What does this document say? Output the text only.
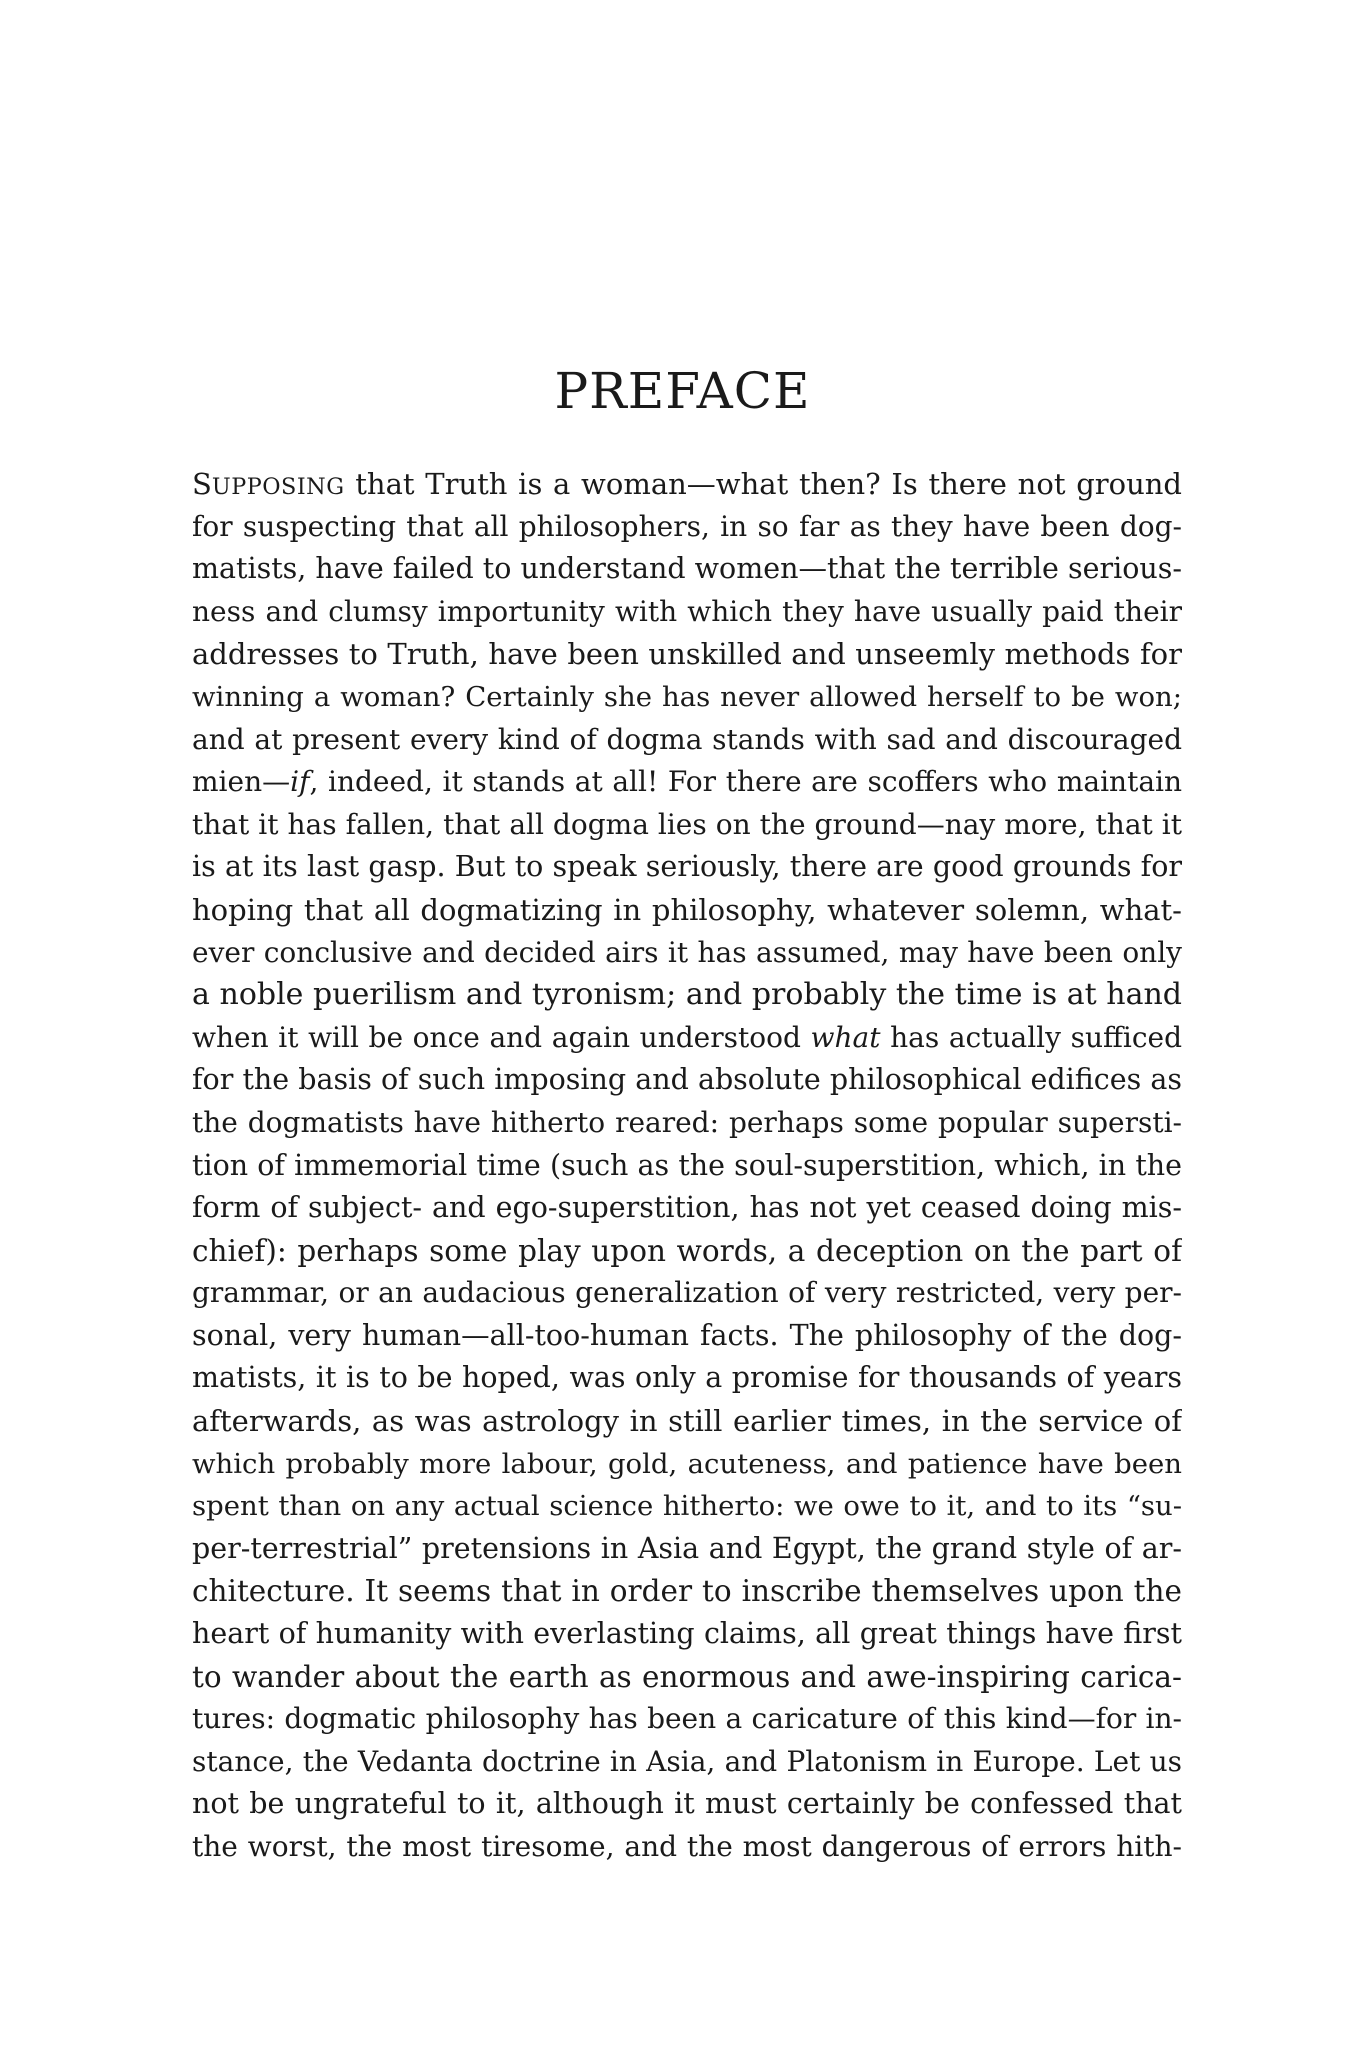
PREFACE
SUPPOSING that Truth is a woman—what then? Is there not ground
for suspecting that all philosophers, in so far as they have been dog-
matists, have failed to understand women—that the terrible serious-
ness and clumsy importunity with which they have usually paid their
addresses to Truth, have been unskilled and unseemly methods for
winning a woman? Certainly she has never allowed herself to be won;
and at present every kind of dogma stands with sad and discouraged
mien—if, indeed, it stands at all! For there are scoffers who maintain
that it has fallen, that all dogma lies on the ground—nay more, that it
is at its last gasp. But to speak seriously, there are good grounds for
hoping that all dogmatizing in philosophy, whatever solemn, what-
ever conclusive and decided airs it has assumed, may have been only
a noble puerilism and tyronism; and probably the time is at hand
when it will be once and again understood what has actually sufficed
for the basis of such imposing and absolute philosophical edifices as
the dogmatists have hitherto reared: perhaps some popular supersti-
tion of immemorial time (such as the soul-superstition, which, in the
form of subject- and ego-superstition, has not yet ceased doing mis-
chief): perhaps some play upon words, a deception on the part of
grammar, or an audacious generalization of very restricted, very per-
sonal, very human—all-too-human facts. The philosophy of the dog-
matists, it is to be hoped, was only a promise for thousands of years
afterwards, as was astrology in still earlier times, in the service of
which probably more labour, gold, acuteness, and patience have been
spent than on any actual science hitherto: we owe to it, and to its “su-
per-terrestrial” pretensions in Asia and Egypt, the grand style of ar-
chitecture. It seems that in order to inscribe themselves upon the
heart of humanity with everlasting claims, all great things have first
to wander about the earth as enormous and awe-inspiring carica-
tures: dogmatic philosophy has been a caricature of this kind—for in-
stance, the Vedanta doctrine in Asia, and Platonism in Europe. Let us
not be ungrateful to it, although it must certainly be confessed that
the worst, the most tiresome, and the most dangerous of errors hith-
